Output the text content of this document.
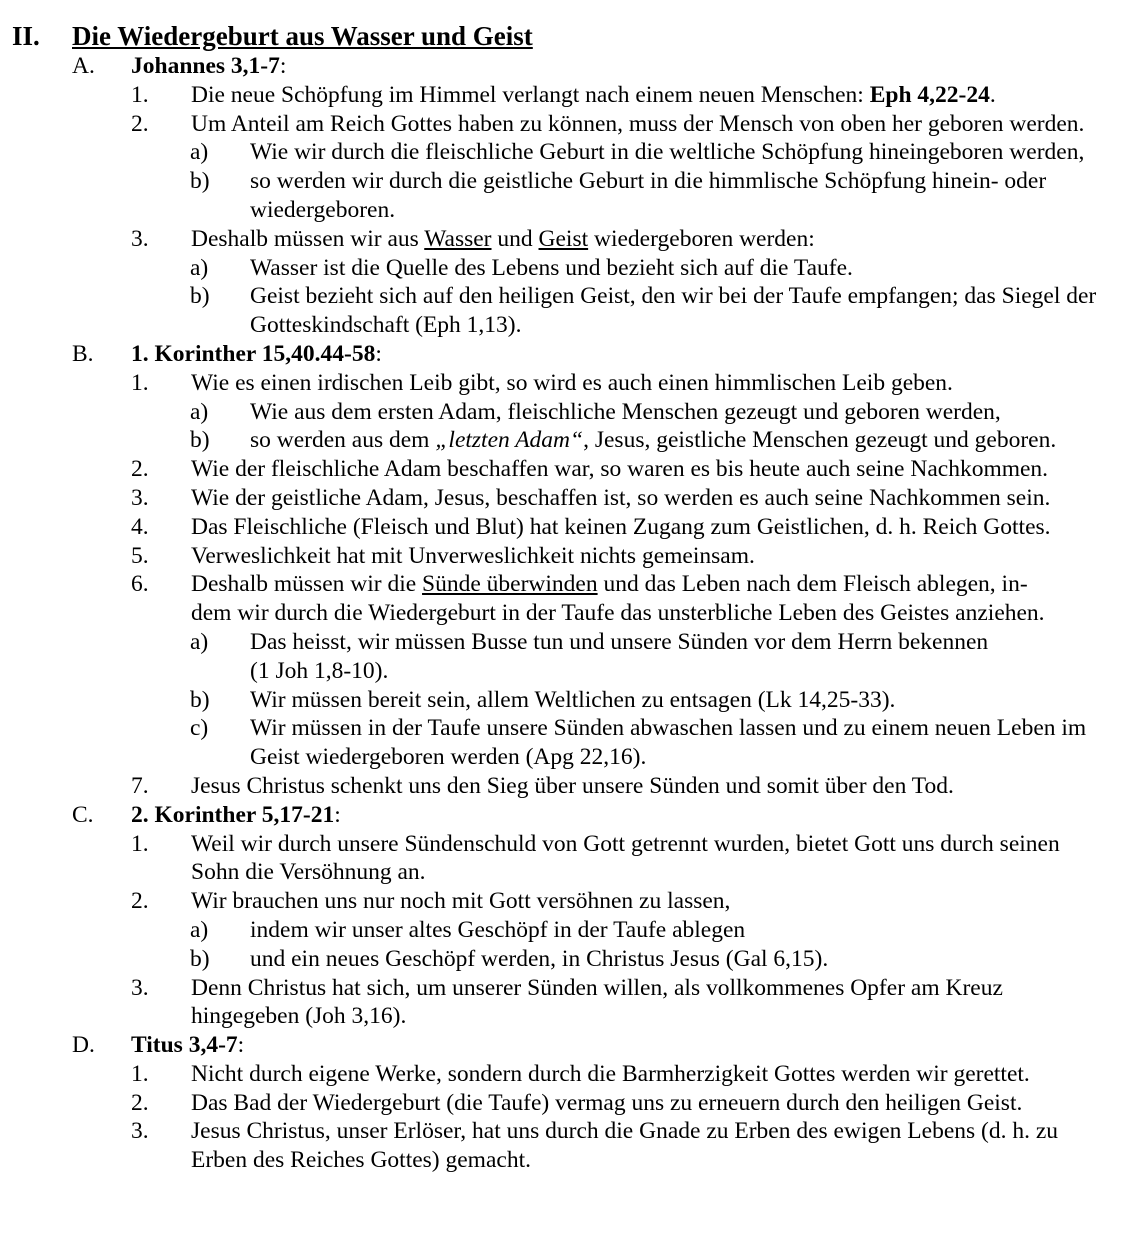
II. Die Wiedergeburt aus Wasser und Geist
A. Johannes 3,1-7:
1. Die neue Schöpfung im Himmel verlangt nach einem neuen Menschen: Eph 4,22-24.
2. Um Anteil am Reich Gottes haben zu können, muss der Mensch von oben her geboren werden.
a) Wie wir durch die fleischliche Geburt in die weltliche Schöpfung hineingeboren werden,
b) so werden wir durch die geistliche Geburt in die himmlische Schöpfung hinein- oder wiedergeboren.
3. Deshalb müssen wir aus Wasser und Geist wiedergeboren werden:
a) Wasser ist die Quelle des Lebens und bezieht sich auf die Taufe.
b) Geist bezieht sich auf den heiligen Geist, den wir bei der Taufe empfangen; das Siegel der Gotteskindschaft (Eph 1,13).
B. 1. Korinther 15,40.44-58:
1. Wie es einen irdischen Leib gibt, so wird es auch einen himmlischen Leib geben.
a) Wie aus dem ersten Adam, fleischliche Menschen gezeugt und geboren werden,
b) so werden aus dem „letzten Adam“, Jesus, geistliche Menschen gezeugt und geboren.
2. Wie der fleischliche Adam beschaffen war, so waren es bis heute auch seine Nachkommen.
3. Wie der geistliche Adam, Jesus, beschaffen ist, so werden es auch seine Nachkommen sein.
4. Das Fleischliche (Fleisch und Blut) hat keinen Zugang zum Geistlichen, d. h. Reich Gottes.
5. Verweslichkeit hat mit Unverweslichkeit nichts gemeinsam.
6. Deshalb müssen wir die Sünde überwinden und das Leben nach dem Fleisch ablegen, in-
dem wir durch die Wiedergeburt in der Taufe das unsterbliche Leben des Geistes anziehen.
a) Das heisst, wir müssen Busse tun und unsere Sünden vor dem Herrn bekennen
(1 Joh 1,8-10).
b) Wir müssen bereit sein, allem Weltlichen zu entsagen (Lk 14,25-33).
c) Wir müssen in der Taufe unsere Sünden abwaschen lassen und zu einem neuen Leben im Geist wiedergeboren werden (Apg 22,16).
7. Jesus Christus schenkt uns den Sieg über unsere Sünden und somit über den Tod.
C. 2. Korinther 5,17-21:
1. Weil wir durch unsere Sündenschuld von Gott getrennt wurden, bietet Gott uns durch seinen Sohn die Versöhnung an.
2. Wir brauchen uns nur noch mit Gott versöhnen zu lassen,
a) indem wir unser altes Geschöpf in der Taufe ablegen
b) und ein neues Geschöpf werden, in Christus Jesus (Gal 6,15).
3. Denn Christus hat sich, um unserer Sünden willen, als vollkommenes Opfer am Kreuz hingegeben (Joh 3,16).
D. Titus 3,4-7:
1. Nicht durch eigene Werke, sondern durch die Barmherzigkeit Gottes werden wir gerettet.
2. Das Bad der Wiedergeburt (die Taufe) vermag uns zu erneuern durch den heiligen Geist.
3. Jesus Christus, unser Erlöser, hat uns durch die Gnade zu Erben des ewigen Lebens (d. h. zu Erben des Reiches Gottes) gemacht.
